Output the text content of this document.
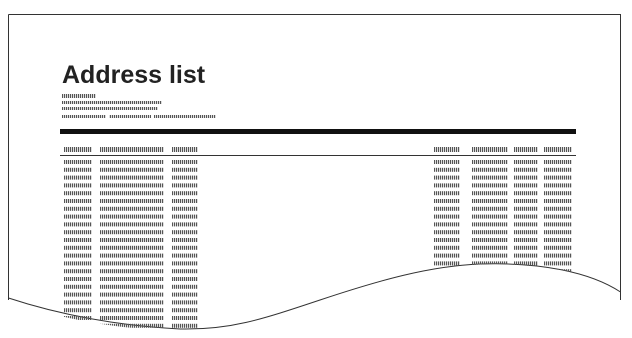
Address list
